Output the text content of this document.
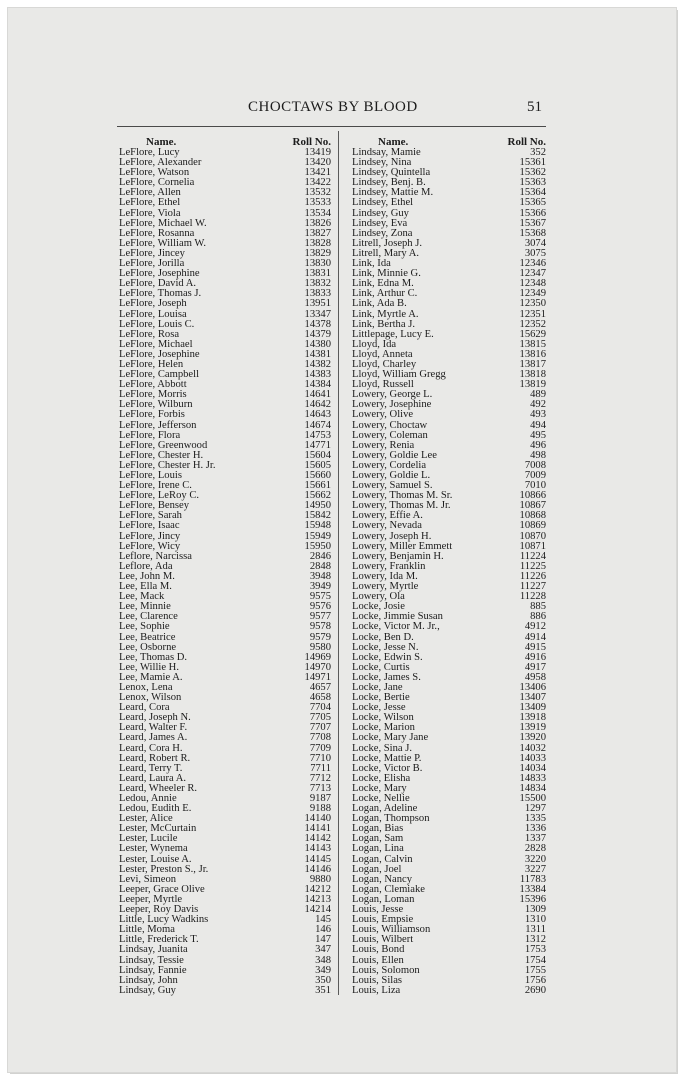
CHOCTAWS BY BLOOD	51
Name.	Roll No.
LeFlore, Lucy	13419
LeFlore, Alexander	13420
LeFlore, Watson	13421
LeFlore, Cornelia	13422
LeFlore, Allen	13532
LeFlore, Ethel	13533
LeFlore, Viola	13534
LeFlore, Michael W.	13826
LeFlore, Rosanna	13827
LeFlore, William W.	13828
LeFlore, Jincey	13829
LeFlore, Jorilla	13830
LeFlore, Josephine	13831
LeFlore, David A.	13832
LeFlore, Thomas J.	13833
LeFlore, Joseph	13951
LeFlore, Louisa	13347
LeFlore, Louis C.	14378
LeFlore, Rosa	14379
LeFlore, Michael	14380
LeFlore, Josephine	14381
LeFlore, Helen	14382
LeFlore, Campbell	14383
LeFlore, Abbott	14384
LeFlore, Morris	14641
LeFlore, Wilburn	14642
LeFlore, Forbis	14643
LeFlore, Jefferson	14674
LeFlore, Flora	14753
LeFlore, Greenwood	14771
LeFlore, Chester H.	15604
LeFlore, Chester H. Jr.	15605
LeFlore, Louis	15660
LeFlore, Irene C.	15661
LeFlore, LeRoy C.	15662
LeFlore, Bensey	14950
LeFlore, Sarah	15842
LeFlore, Isaac	15948
LeFlore, Jincy	15949
LeFlore, Wicy	15950
Leflore, Narcissa	2846
Leflore, Ada	2848
Lee, John M.	3948
Lee, Ella M.	3949
Lee, Mack	9575
Lee, Minnie	9576
Lee, Clarence	9577
Lee, Sophie	9578
Lee, Beatrice	9579
Lee, Osborne	9580
Lee, Thomas D.	14969
Lee, Willie H.	14970
Lee, Mamie A.	14971
Lenox, Lena	4657
Lenox, Wilson	4658
Leard, Cora	7704
Leard, Joseph N.	7705
Leard, Walter F.	7707
Leard, James A.	7708
Leard, Cora H.	7709
Leard, Robert R.	7710
Leard, Terry T.	7711
Leard, Laura A.	7712
Leard, Wheeler R.	7713
Ledou, Annie	9187
Ledou, Eudith E.	9188
Lester, Alice	14140
Lester, McCurtain	14141
Lester, Lucile	14142
Lester, Wynema	14143
Lester, Louise A.	14145
Lester, Preston S., Jr.	14146
Levi, Simeon	9880
Leeper, Grace Olive	14212
Leeper, Myrtle	14213
Leeper, Roy Davis	14214
Little, Lucy Wadkins	145
Little, Moma	146
Little, Frederick T.	147
Lindsay, Juanita	347
Lindsay, Tessie	348
Lindsay, Fannie	349
Lindsay, John	350
Lindsay, Guy	351
Name.	Roll No.
Lindsay, Mamie	352
Lindsey, Nina	15361
Lindsey, Quintella	15362
Lindsey, Benj. B.	15363
Lindsey, Mattie M.	15364
Lindsey, Ethel	15365
Lindsey, Guy	15366
Lindsey, Eva	15367
Lindsey, Zona	15368
Litrell, Joseph J.	3074
Litrell, Mary A.	3075
Link, Ida	12346
Link, Minnie G.	12347
Link, Edna M.	12348
Link, Arthur C.	12349
Link, Ada B.	12350
Link, Myrtle A.	12351
Link, Bertha J.	12352
Littlepage, Lucy E.	15629
Lloyd, Ida	13815
Lloyd, Anneta	13816
Lloyd, Charley	13817
Lloyd, William Gregg	13818
Lloyd, Russell	13819
Lowery, George L.	489
Lowery, Josephine	492
Lowery, Olive	493
Lowery, Choctaw	494
Lowery, Coleman	495
Lowery, Renia	496
Lowery, Goldie Lee	498
Lowery, Cordelia	7008
Lowery, Goldie L.	7009
Lowery, Samuel S.	7010
Lowery, Thomas M. Sr.	10866
Lowery, Thomas M. Jr.	10867
Lowery, Effie A.	10868
Lowery, Nevada	10869
Lowery, Joseph H.	10870
Lowery, Miller Emmett	10871
Lowery, Benjamin H.	11224
Lowery, Franklin	11225
Lowery, Ida M.	11226
Lowery, Myrtle	11227
Lowery, Ola	11228
Locke, Josie	885
Locke, Jimmie Susan	886
Locke, Victor M. Jr.,	4912
Locke, Ben D.	4914
Locke, Jesse N.	4915
Locke, Edwin S.	4916
Locke, Curtis	4917
Locke, James S.	4958
Locke, Jane	13406
Locke, Bertie	13407
Locke, Jesse	13409
Locke, Wilson	13918
Locke, Marion	13919
Locke, Mary Jane	13920
Locke, Sina J.	14032
Locke, Mattie P.	14033
Locke, Victor B.	14034
Locke, Elisha	14833
Locke, Mary	14834
Locke, Nellie	15500
Logan, Adeline	1297
Logan, Thompson	1335
Logan, Bias	1336
Logan, Sam	1337
Logan, Lina	2828
Logan, Calvin	3220
Logan, Joel	3227
Logan, Nancy	11783
Logan, Clemiake	13384
Logan, Loman	15396
Louis, Jesse	1309
Louis, Empsie	1310
Louis, Williamson	1311
Louis, Wilbert	1312
Louis, Bond	1753
Louis, Ellen	1754
Louis, Solomon	1755
Louis, Silas	1756
Louis, Liza	2690
